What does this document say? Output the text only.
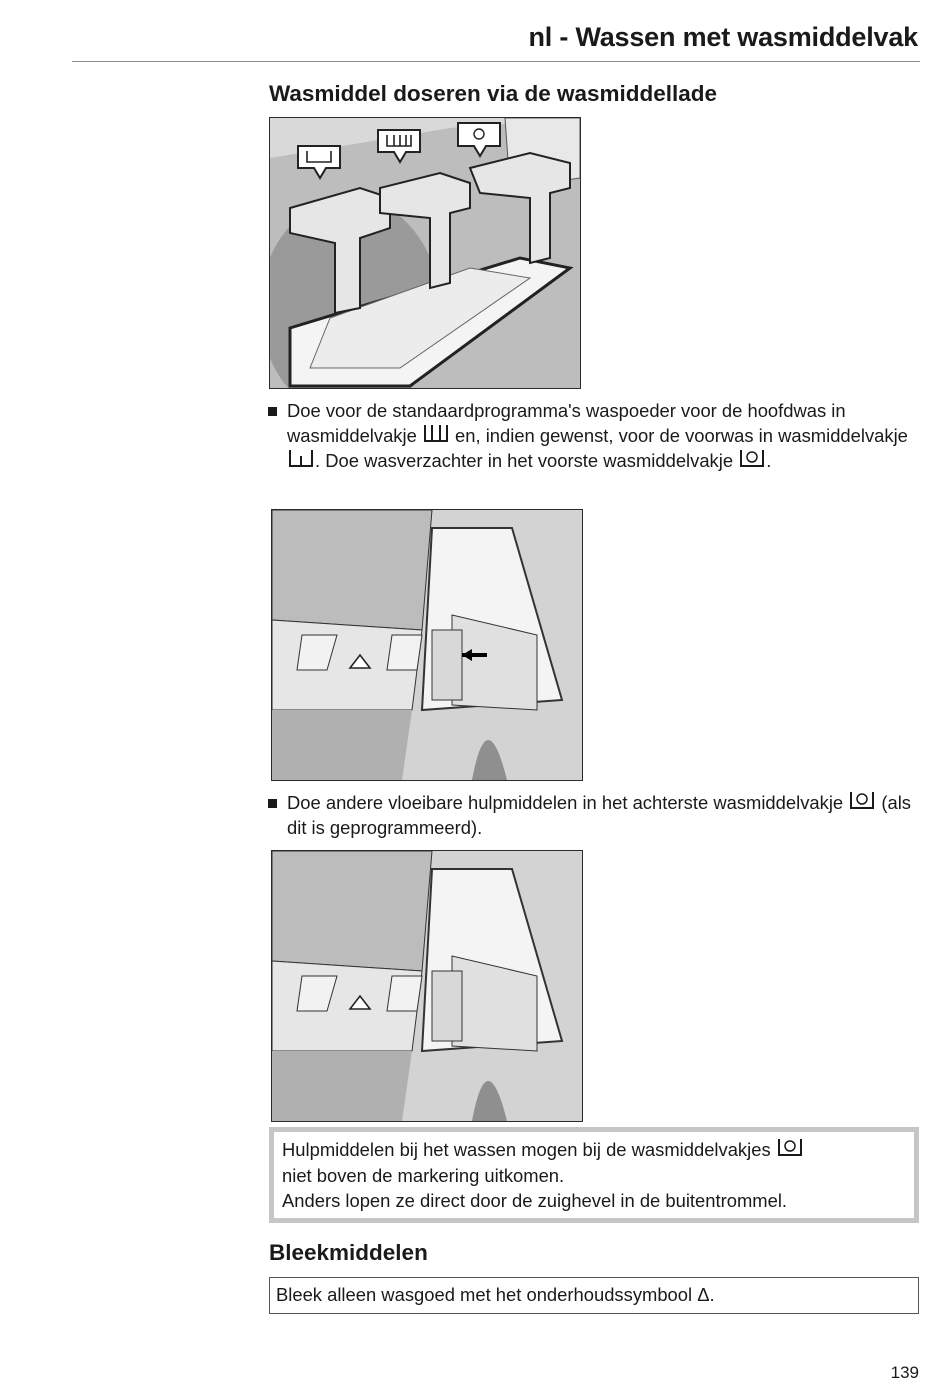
nl - Wassen met wasmiddelvak
Wasmiddel doseren via de wasmiddellade
Doe voor de standaardprogramma's waspoeder voor de hoofdwas in wasmiddelvakje  en, indien gewenst, voor de voorwas in wasmiddelvakje . Doe wasverzachter in het voorste wasmiddelvakje .
Doe andere vloeibare hulpmiddelen in het achterste wasmiddelvakje  (als dit is geprogrammeerd).
Hulpmiddelen bij het wassen mogen bij de wasmiddelvakjes
niet boven de markering uitkomen.
Anders lopen ze direct door de zuighevel in de buitentrommel.
Bleekmiddelen
Bleek alleen wasgoed met het onderhoudssymbool Δ.
139
